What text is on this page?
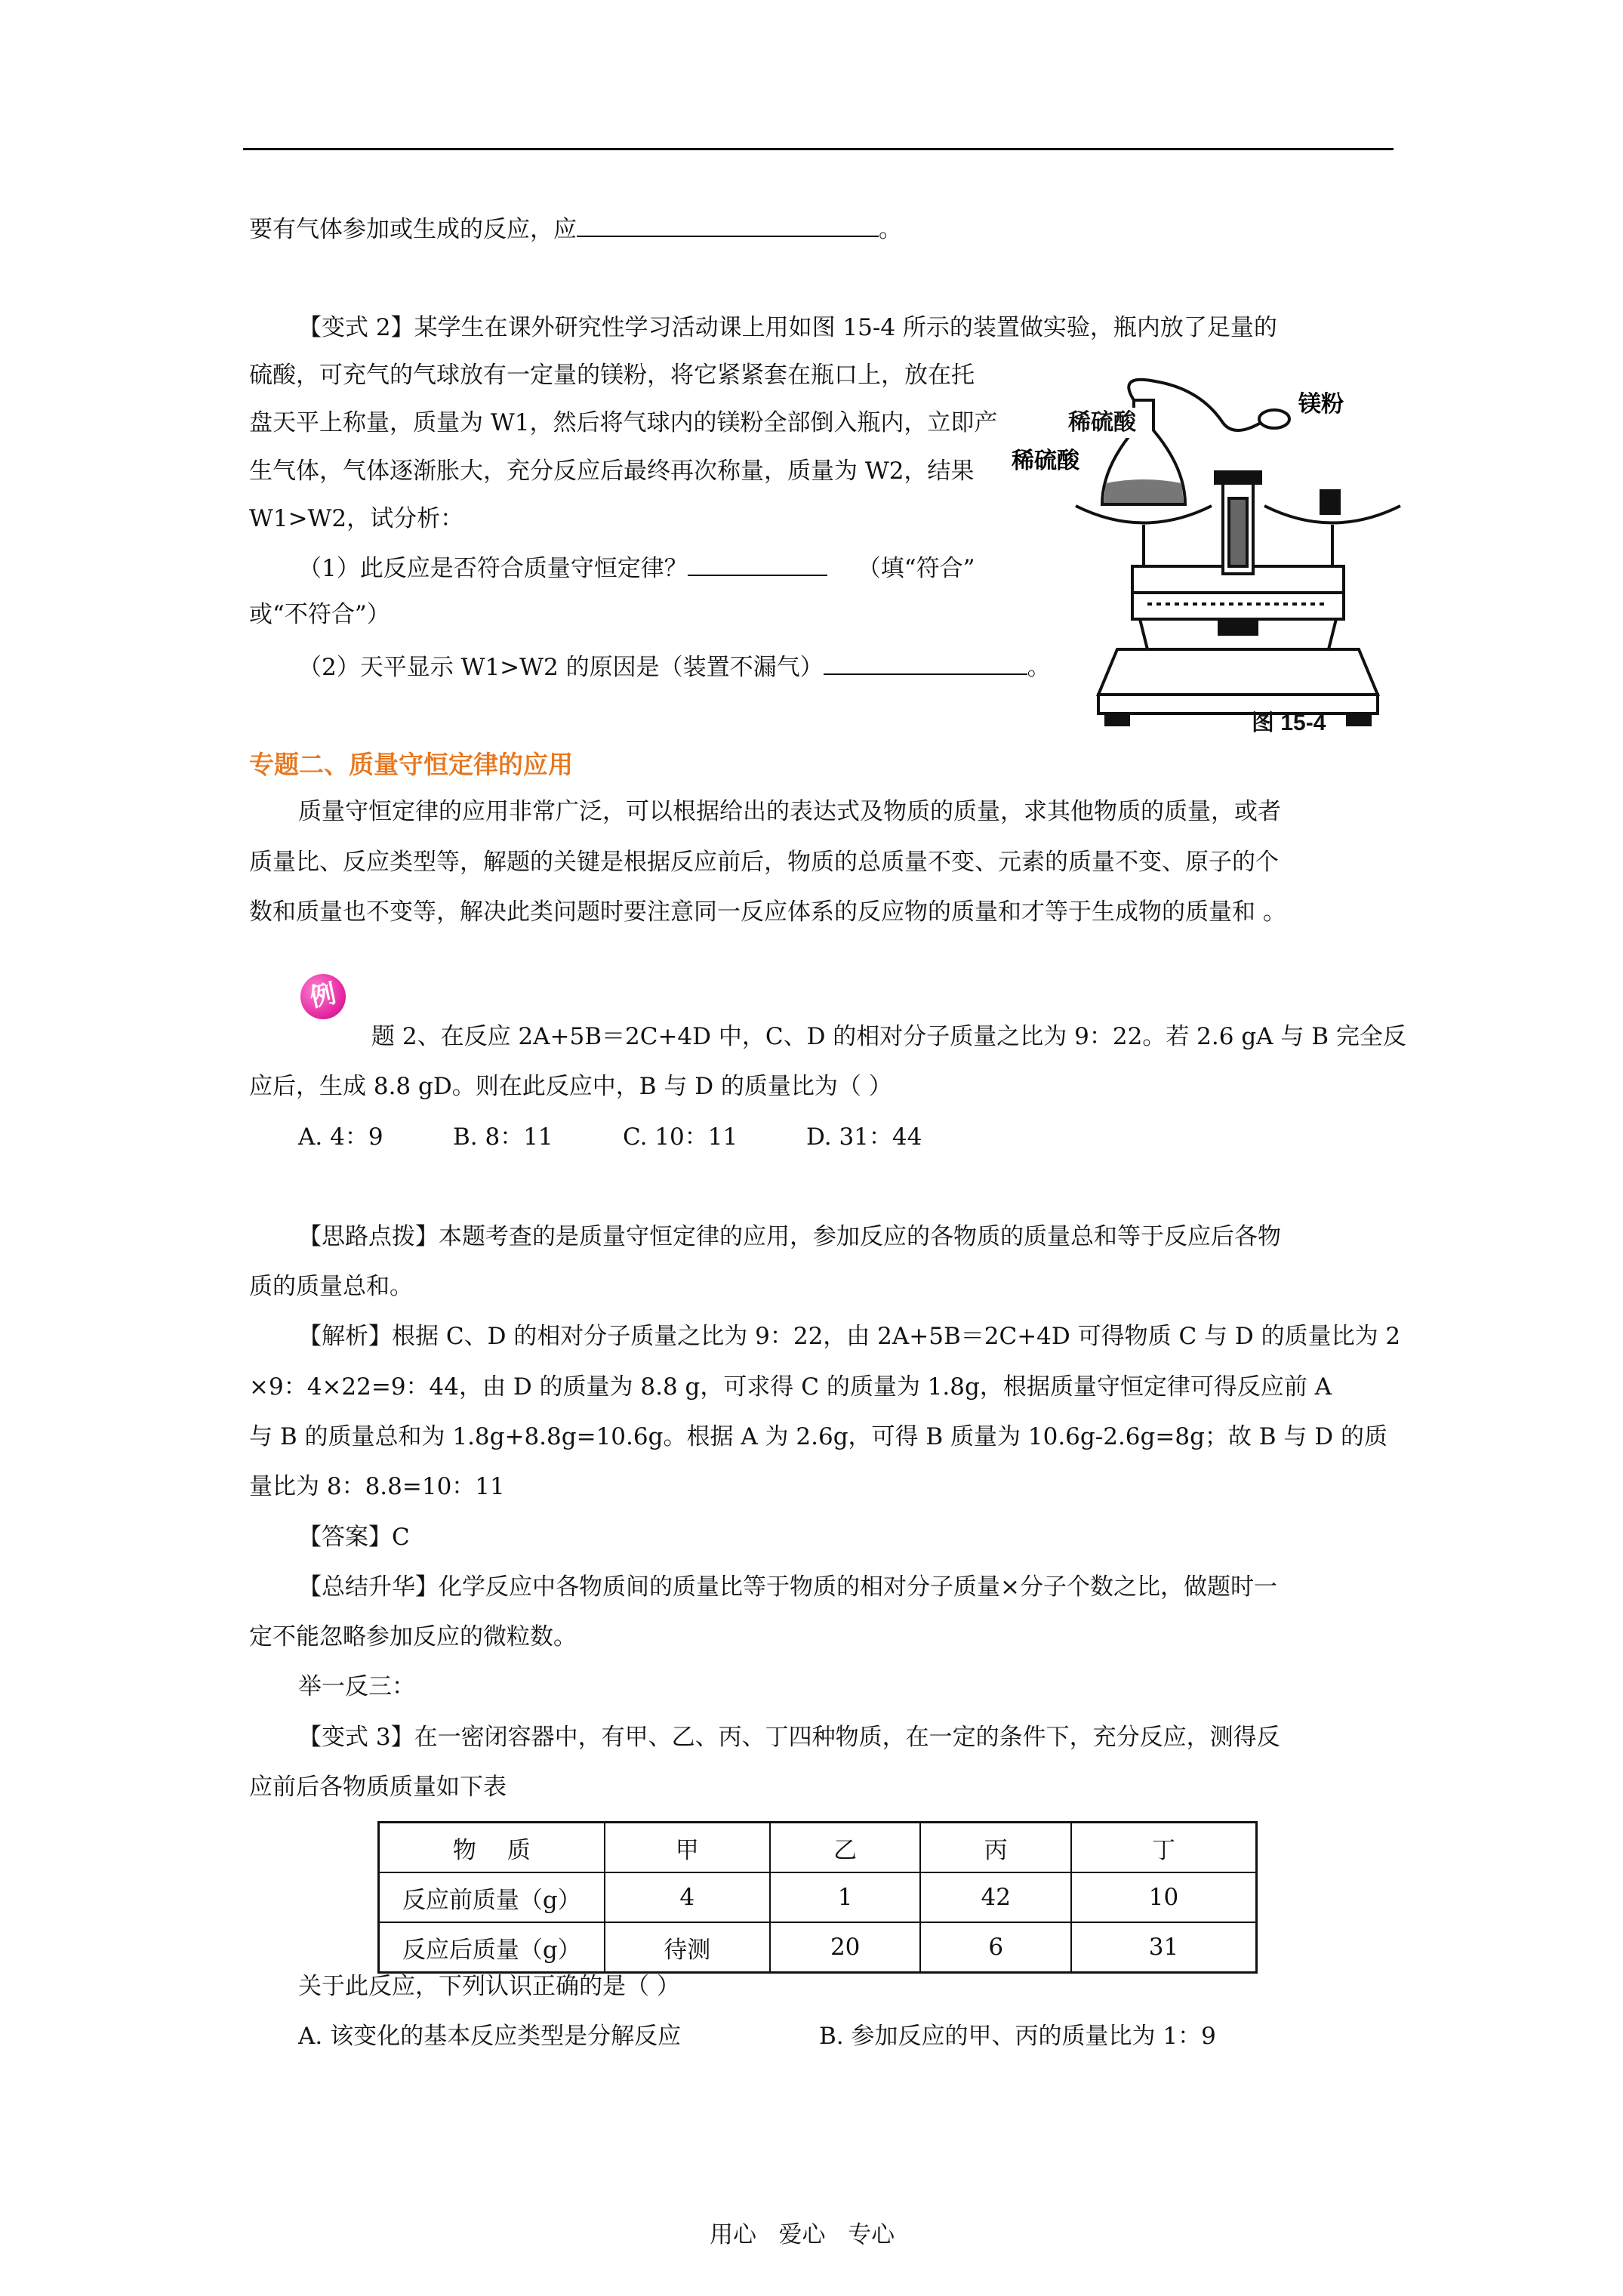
要有气体参加或生成的反应，应	。
【变式 2】某学生在课外研究性学习活动课上用如图 15-4 所示的装置做实验，瓶内放了足量的
硫酸，可充气的气球放有一定量的镁粉，将它紧紧套在瓶口上，放在托
盘天平上称量，质量为 W1，然后将气球内的镁粉全部倒入瓶内，立即产
生气体，气体逐渐胀大，充分反应后最终再次称量，质量为 W2，结果
W1>W2，试分析：
（1）此反应是否符合质量守恒定律？	（填“符合”
或“不符合”）
（2）天平显示 W1>W2 的原因是（装置不漏气）	。
镁粉
稀硫酸
稀硫酸
图 15-4
专题二、质量守恒定律的应用
质量守恒定律的应用非常广泛，可以根据给出的表达式及物质的质量，求其他物质的质量，或者
质量比、反应类型等，解题的关键是根据反应前后，物质的总质量不变、元素的质量不变、原子的个
数和质量也不变等，解决此类问题时要注意同一反应体系的反应物的质量和才等于生成物的质量和 。
例
题 2、在反应 2A+5B＝2C+4D 中，C、D 的相对分子质量之比为 9：22。若 2.6 gA 与 B 完全反
应后，生成 8.8 gD。则在此反应中，B 与 D 的质量比为（ ）
A. 4：9	B. 8：11	C. 10：11	D. 31：44
【思路点拨】本题考查的是质量守恒定律的应用，参加反应的各物质的质量总和等于反应后各物
质的质量总和。
【解析】根据 C、D 的相对分子质量之比为 9：22，由 2A+5B＝2C+4D 可得物质 C 与 D 的质量比为 2
×9：4×22=9：44，由 D 的质量为 8.8 g，可求得 C 的质量为 1.8g，根据质量守恒定律可得反应前 A
与 B 的质量总和为 1.8g+8.8g=10.6g。根据 A 为 2.6g，可得 B 质量为 10.6g-2.6g=8g；故 B 与 D 的质
量比为 8：8.8=10：11
【答案】C
【总结升华】化学反应中各物质间的质量比等于物质的相对分子质量×分子个数之比，做题时一
定不能忽略参加反应的微粒数。
举一反三：
【变式 3】在一密闭容器中，有甲、乙、丙、丁四种物质，在一定的条件下，充分反应，测得反
应前后各物质质量如下表
物　 质	甲	乙	丙	丁
反应前质量（g）	4	1	42	10
反应后质量（g）	待测	20	6	31
关于此反应，下列认识正确的是（ ）
A. 该变化的基本反应类型是分解反应	B. 参加反应的甲、丙的质量比为 1：9
用心   爱心   专心
